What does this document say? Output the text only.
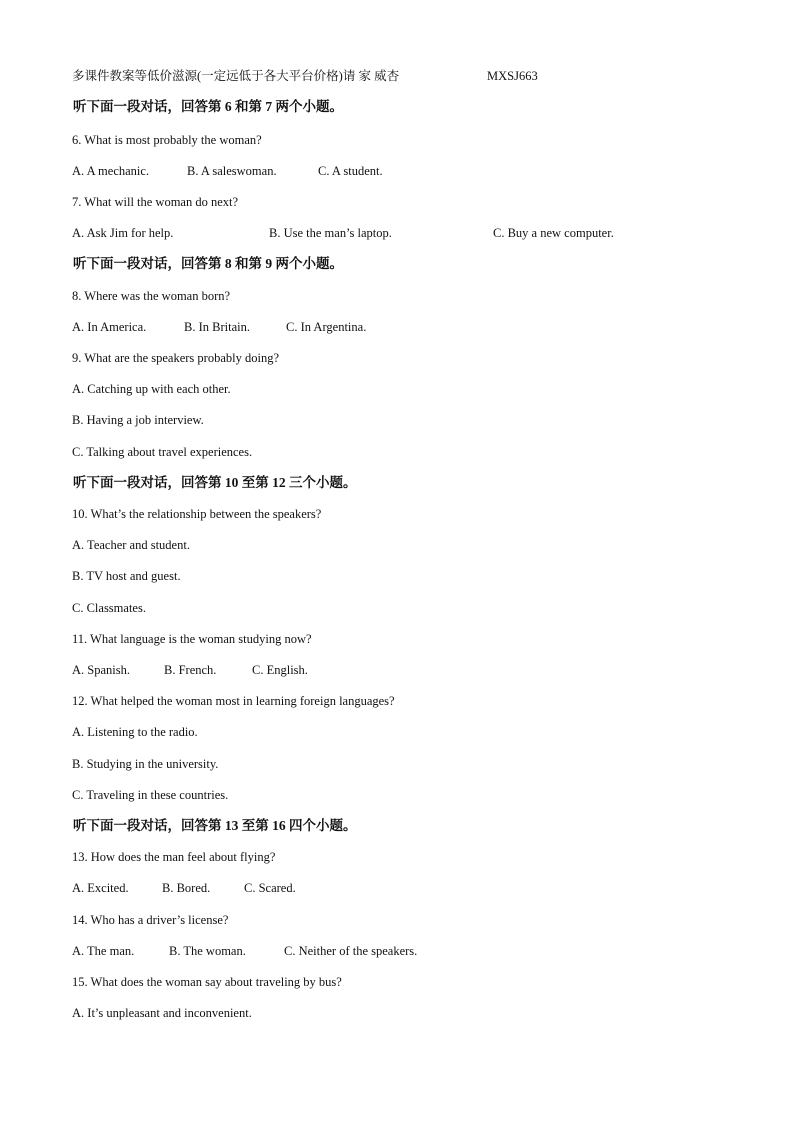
多课件教案等低价滋源(一定远低于各大平台价格)请 家 威杏	MXSJ663
听下面一段对话，回答第 6 和第 7 两个小题。
6. What is most probably the woman?
A. A mechanic.	B. A saleswoman.	C. A student.
7. What will the woman do next?
A. Ask Jim for help.	B. Use the man’s laptop.	C. Buy a new computer.
听下面一段对话，回答第 8 和第 9 两个小题。
8. Where was the woman born?
A. In America.	B. In Britain.	C. In Argentina.
9. What are the speakers probably doing?
A. Catching up with each other.
B. Having a job interview.
C. Talking about travel experiences.
听下面一段对话，回答第 10 至第 12 三个小题。
10. What’s the relationship between the speakers?
A. Teacher and student.
B. TV host and guest.
C. Classmates.
11. What language is the woman studying now?
A. Spanish.	B. French.	C. English.
12. What helped the woman most in learning foreign languages?
A. Listening to the radio.
B. Studying in the university.
C. Traveling in these countries.
听下面一段对话，回答第 13 至第 16 四个小题。
13. How does the man feel about flying?
A. Excited.	B. Bored.	C. Scared.
14. Who has a driver’s license?
A. The man.	B. The woman.	C. Neither of the speakers.
15. What does the woman say about traveling by bus?
A. It’s unpleasant and inconvenient.
